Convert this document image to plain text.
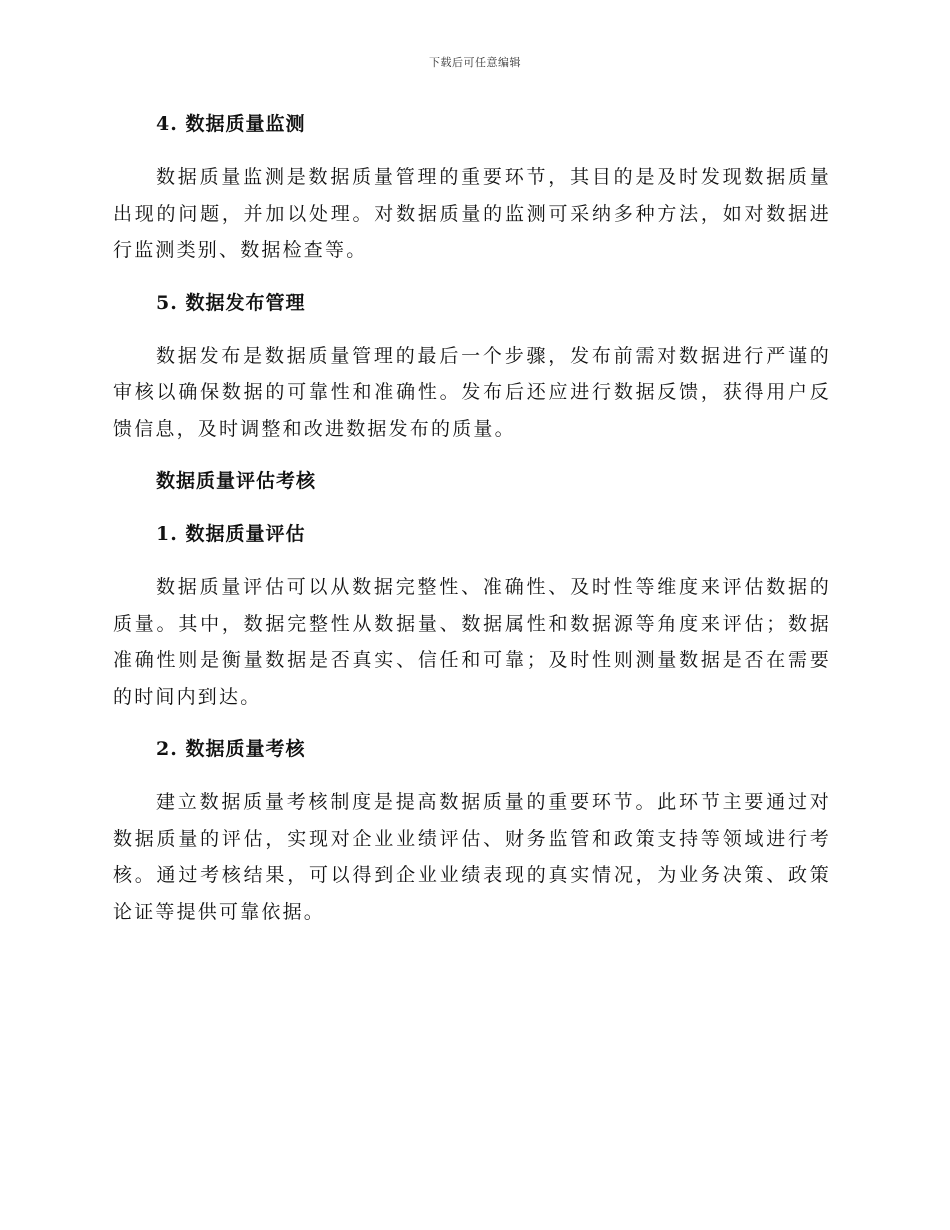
下载后可任意编辑
4. 数据质量监测

数据质量监测是数据质量管理的重要环节，其目的是及时发现数据质量出现的问题，并加以处理。对数据质量的监测可采纳多种方法，如对数据进行监测类别、数据检查等。

5. 数据发布管理

数据发布是数据质量管理的最后一个步骤，发布前需对数据进行严谨的审核以确保数据的可靠性和准确性。发布后还应进行数据反馈，获得用户反馈信息，及时调整和改进数据发布的质量。

数据质量评估考核
1. 数据质量评估

数据质量评估可以从数据完整性、准确性、及时性等维度来评估数据的质量。其中，数据完整性从数据量、数据属性和数据源等角度来评估；数据准确性则是衡量数据是否真实、信任和可靠；及时性则测量数据是否在需要的时间内到达。

2. 数据质量考核

建立数据质量考核制度是提高数据质量的重要环节。此环节主要通过对数据质量的评估，实现对企业业绩评估、财务监管和政策支持等领域进行考核。通过考核结果，可以得到企业业绩表现的真实情况，为业务决策、政策论证等提供可靠依据。
